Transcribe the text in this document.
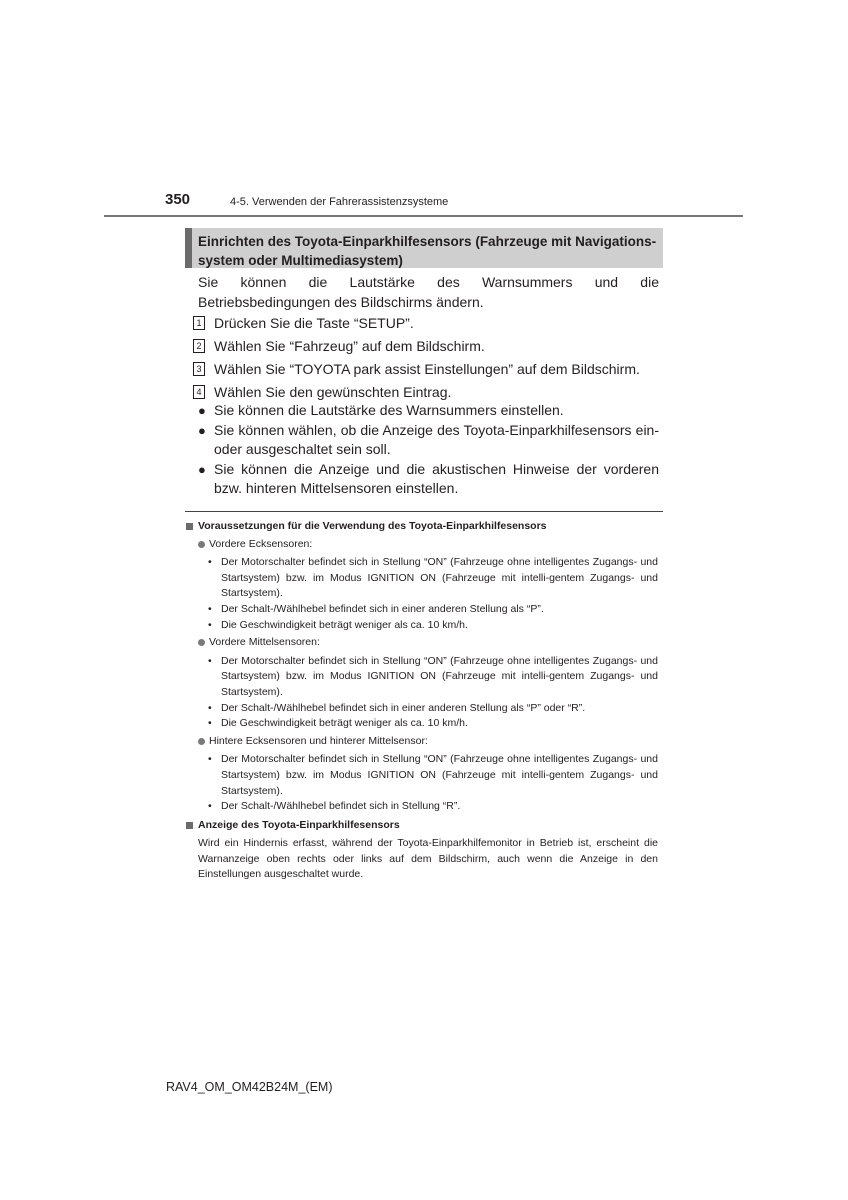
350	4-5. Verwenden der Fahrerassistenzsysteme
Einrichten des Toyota-Einparkhilfesensors (Fahrzeuge mit Navigations-
system oder Multimediasystem)
Sie können die Lautstärke des Warnsummers und die Betriebsbedingungen des Bildschirms ändern.
1 Drücken Sie die Taste “SETUP”.
2 Wählen Sie “Fahrzeug” auf dem Bildschirm.
3 Wählen Sie “TOYOTA park assist Einstellungen” auf dem Bildschirm.
4 Wählen Sie den gewünschten Eintrag.
● Sie können die Lautstärke des Warnsummers einstellen.
● Sie können wählen, ob die Anzeige des Toyota-Einparkhilfesensors ein- oder ausgeschaltet sein soll.
● Sie können die Anzeige und die akustischen Hinweise der vorderen bzw. hinteren Mittelsensoren einstellen.
Voraussetzungen für die Verwendung des Toyota-Einparkhilfesensors
Vordere Ecksensoren:
• Der Motorschalter befindet sich in Stellung “ON” (Fahrzeuge ohne intelligentes Zugangs- und Startsystem) bzw. im Modus IGNITION ON (Fahrzeuge mit intelli-gentem Zugangs- und Startsystem).
• Der Schalt-/Wählhebel befindet sich in einer anderen Stellung als “P”.
• Die Geschwindigkeit beträgt weniger als ca. 10 km/h.
Vordere Mittelsensoren:
• Der Motorschalter befindet sich in Stellung “ON” (Fahrzeuge ohne intelligentes Zugangs- und Startsystem) bzw. im Modus IGNITION ON (Fahrzeuge mit intelli-gentem Zugangs- und Startsystem).
• Der Schalt-/Wählhebel befindet sich in einer anderen Stellung als “P” oder “R”.
• Die Geschwindigkeit beträgt weniger als ca. 10 km/h.
Hintere Ecksensoren und hinterer Mittelsensor:
• Der Motorschalter befindet sich in Stellung “ON” (Fahrzeuge ohne intelligentes Zugangs- und Startsystem) bzw. im Modus IGNITION ON (Fahrzeuge mit intelli-gentem Zugangs- und Startsystem).
• Der Schalt-/Wählhebel befindet sich in Stellung “R”.
Anzeige des Toyota-Einparkhilfesensors
Wird ein Hindernis erfasst, während der Toyota-Einparkhilfemonitor in Betrieb ist, erscheint die Warnanzeige oben rechts oder links auf dem Bildschirm, auch wenn die Anzeige in den Einstellungen ausgeschaltet wurde.
RAV4_OM_OM42B24M_(EM)
